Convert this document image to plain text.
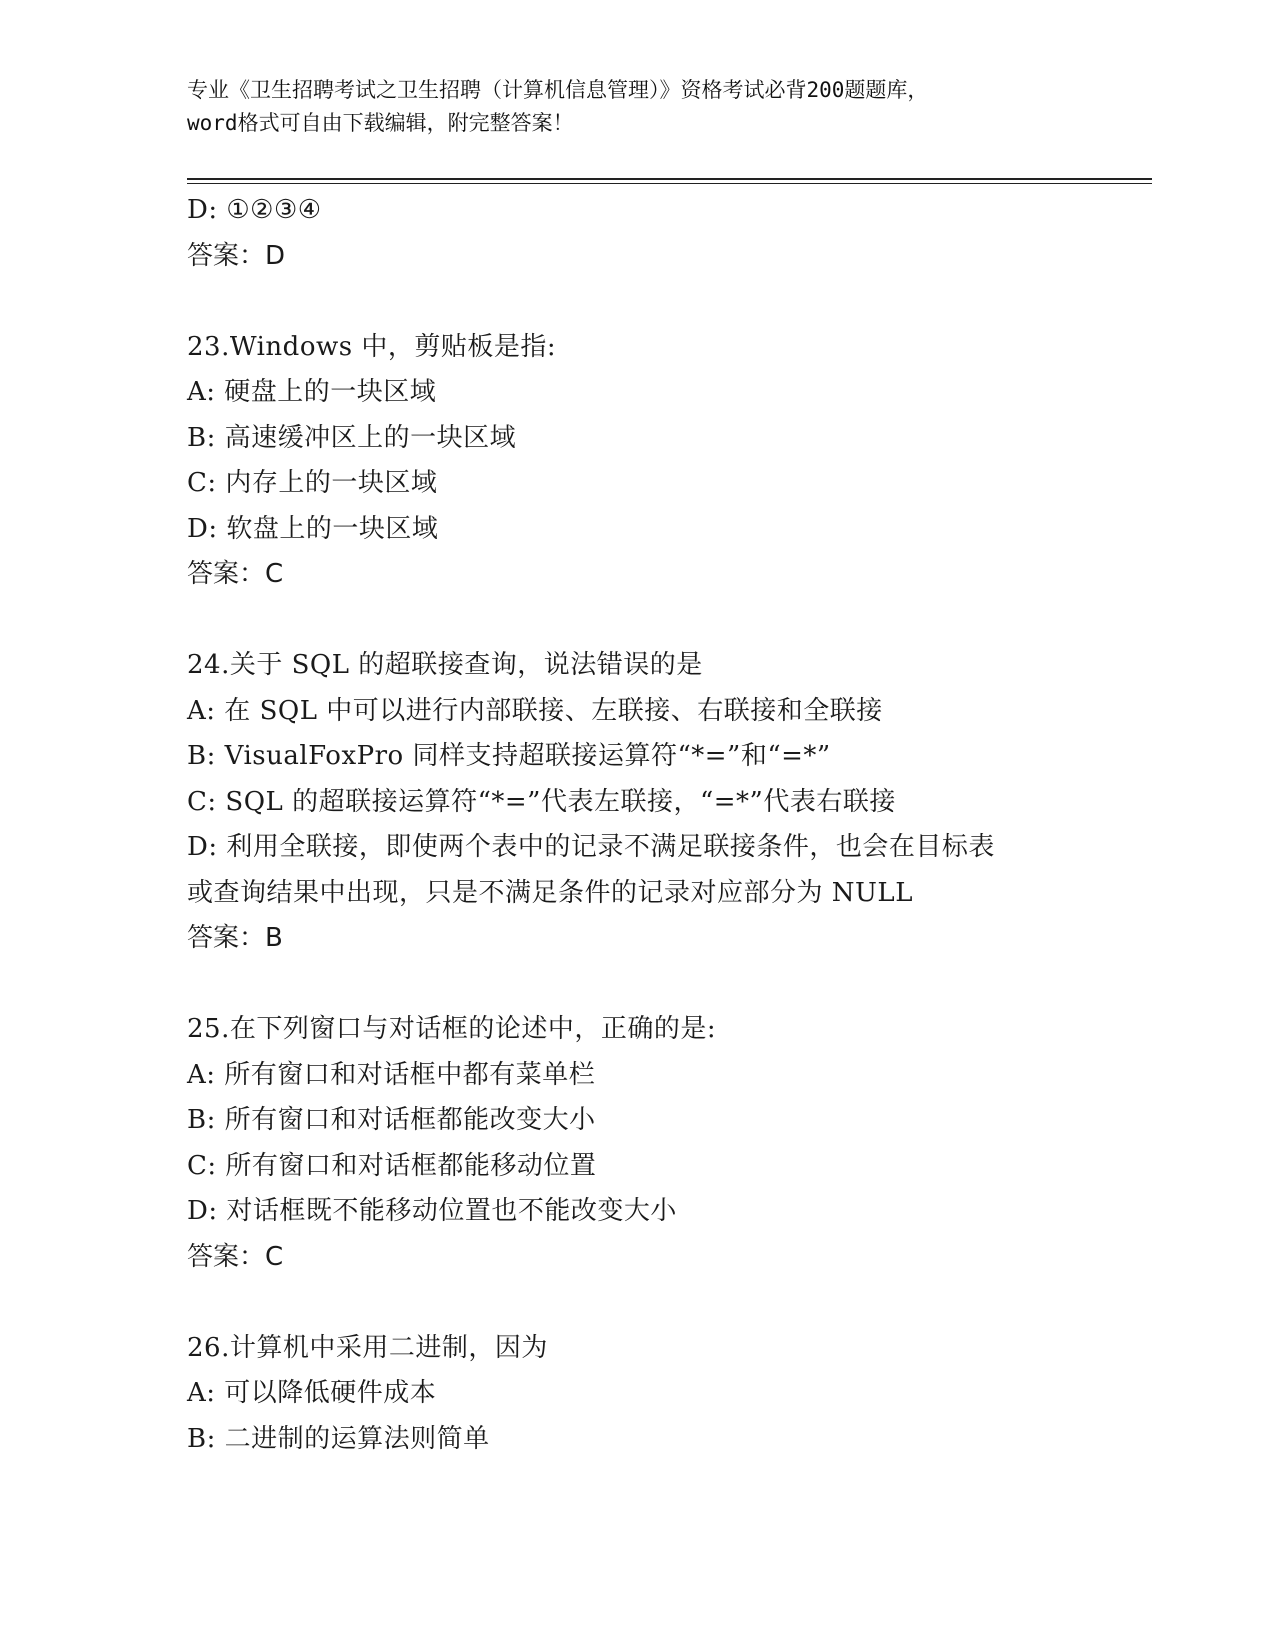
专业《卫生招聘考试之卫生招聘（计算机信息管理）》资格考试必背200题题库，
word格式可自由下载编辑，附完整答案！
D: ①②③④
答案：D
23.Windows 中，剪贴板是指:
A: 硬盘上的一块区域
B: 高速缓冲区上的一块区域
C: 内存上的一块区域
D: 软盘上的一块区域
答案：C
24.关于 SQL 的超联接查询，说法错误的是
A: 在 SQL 中可以进行内部联接、左联接、右联接和全联接
B: VisualFoxPro 同样支持超联接运算符“*=”和“=*”
C: SQL 的超联接运算符“*=”代表左联接，“=*”代表右联接
D: 利用全联接，即使两个表中的记录不满足联接条件，也会在目标表
或查询结果中出现，只是不满足条件的记录对应部分为 NULL
答案：B
25.在下列窗口与对话框的论述中，正确的是:
A: 所有窗口和对话框中都有菜单栏
B: 所有窗口和对话框都能改变大小
C: 所有窗口和对话框都能移动位置
D: 对话框既不能移动位置也不能改变大小
答案：C
26.计算机中采用二进制，因为
A: 可以降低硬件成本
B: 二进制的运算法则简单
